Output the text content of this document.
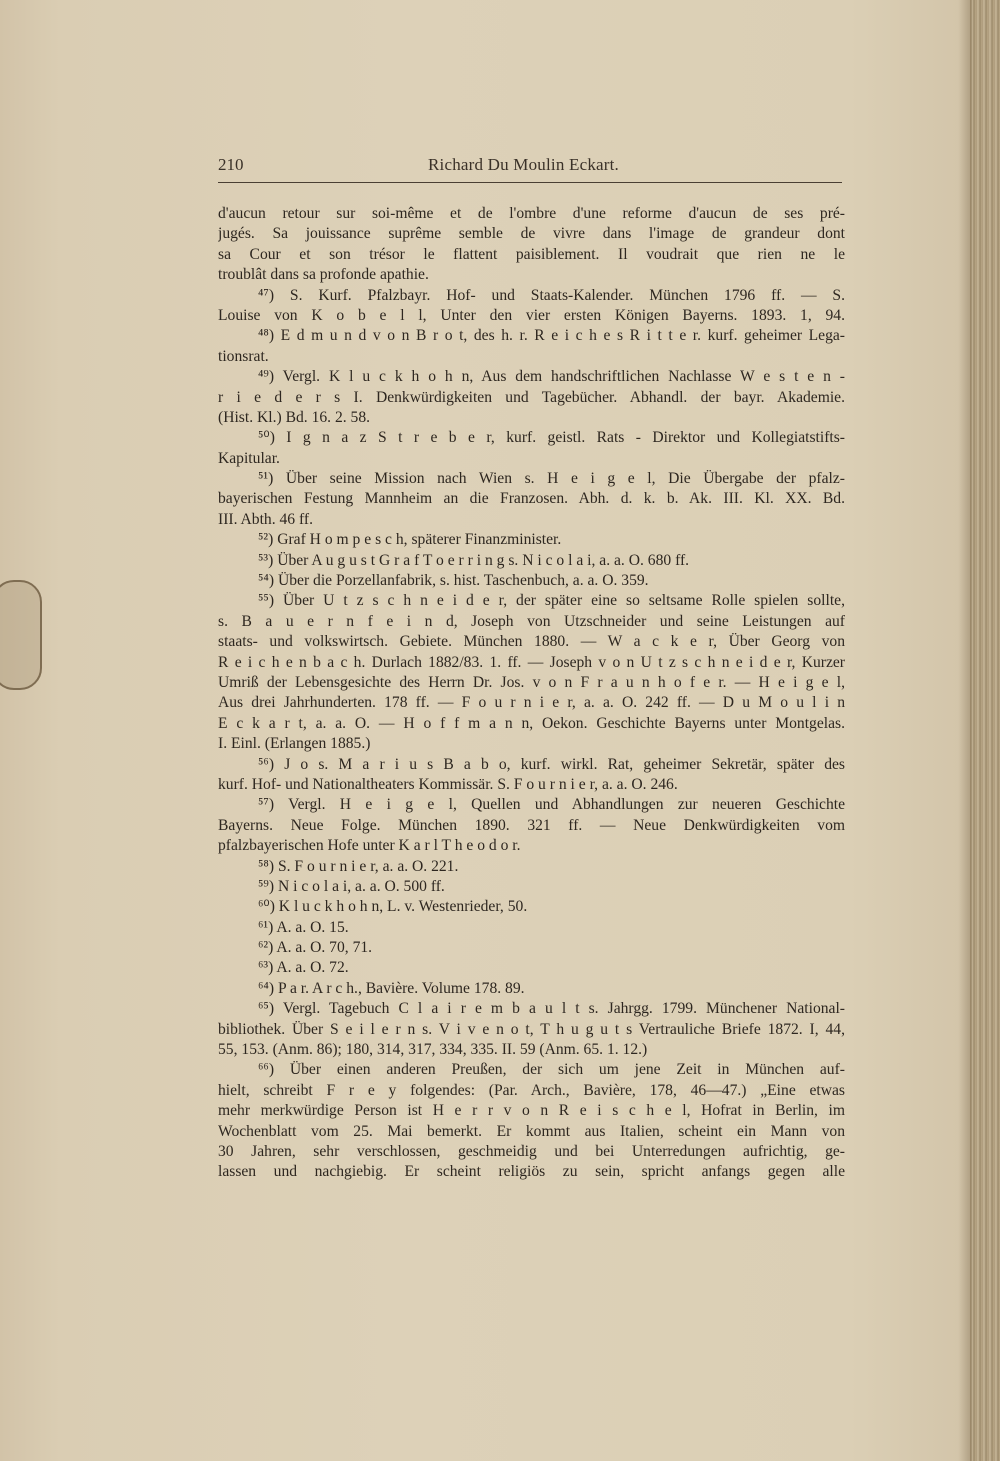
210	Richard Du Moulin Eckart.
d'aucun retour sur soi-même et de l'ombre d'une reforme d'aucun de ses pré-
jugés. Sa jouissance suprême semble de vivre dans l'image de grandeur dont
sa Cour et son trésor le flattent paisiblement. Il voudrait que rien ne le
troublât dans sa profonde apathie.
⁴⁷) S. Kurf. Pfalzbayr. Hof- und Staats-Kalender. München 1796 ff. — S.
Louise von K o b e l l, Unter den vier ersten Königen Bayerns. 1893. 1, 94.
⁴⁸) E d m u n d v o n B r o t, des h. r. R e i c h e s R i t t e r. kurf. geheimer Lega-
tionsrat.
⁴⁹) Vergl. K l u c k h o h n, Aus dem handschriftlichen Nachlasse W e s t e n -
r i e d e r s I. Denkwürdigkeiten und Tagebücher. Abhandl. der bayr. Akademie.
(Hist. Kl.) Bd. 16. 2. 58.
⁵⁰) I g n a z S t r e b e r, kurf. geistl. Rats - Direktor und Kollegiatstifts-
Kapitular.
⁵¹) Über seine Mission nach Wien s. H e i g e l, Die Übergabe der pfalz-
bayerischen Festung Mannheim an die Franzosen. Abh. d. k. b. Ak. III. Kl. XX. Bd.
III. Abth. 46 ff.
⁵²) Graf H o m p e s c h, späterer Finanzminister.
⁵³) Über A u g u s t G r a f T o e r r i n g s. N i c o l a i, a. a. O. 680 ff.
⁵⁴) Über die Porzellanfabrik, s. hist. Taschenbuch, a. a. O. 359.
⁵⁵) Über U t z s c h n e i d e r, der später eine so seltsame Rolle spielen sollte,
s. B a u e r n f e i n d, Joseph von Utzschneider und seine Leistungen auf
staats- und volkswirtsch. Gebiete. München 1880. — W a c k e r, Über Georg von
R e i c h e n b a c h. Durlach 1882/83. 1. ff. — Joseph v o n U t z s c h n e i d e r, Kurzer
Umriß der Lebensgesichte des Herrn Dr. Jos. v o n F r a u n h o f e r. — H e i g e l,
Aus drei Jahrhunderten. 178 ff. — F o u r n i e r, a. a. O. 242 ff. — D u M o u l i n
E c k a r t, a. a. O. — H o f f m a n n, Oekon. Geschichte Bayerns unter Montgelas.
I. Einl. (Erlangen 1885.)
⁵⁶) J o s. M a r i u s B a b o, kurf. wirkl. Rat, geheimer Sekretär, später des
kurf. Hof- und Nationaltheaters Kommissär. S. F o u r n i e r, a. a. O. 246.
⁵⁷) Vergl. H e i g e l, Quellen und Abhandlungen zur neueren Geschichte
Bayerns. Neue Folge. München 1890. 321 ff. — Neue Denkwürdigkeiten vom
pfalzbayerischen Hofe unter K a r l T h e o d o r.
⁵⁸) S. F o u r n i e r, a. a. O. 221.
⁵⁹) N i c o l a i, a. a. O. 500 ff.
⁶⁰) K l u c k h o h n, L. v. Westenrieder, 50.
⁶¹) A. a. O. 15.
⁶²) A. a. O. 70, 71.
⁶³) A. a. O. 72.
⁶⁴) P a r. A r c h., Bavière. Volume 178. 89.
⁶⁵) Vergl. Tagebuch C l a i r e m b a u l t s. Jahrgg. 1799. Münchener National-
bibliothek. Über S e i l e r n s. V i v e n o t, T h u g u t s Vertrauliche Briefe 1872. I, 44,
55, 153. (Anm. 86); 180, 314, 317, 334, 335. II. 59 (Anm. 65. 1. 12.)
⁶⁶) Über einen anderen Preußen, der sich um jene Zeit in München auf-
hielt, schreibt F r e y folgendes: (Par. Arch., Bavière, 178, 46—47.) „Eine etwas
mehr merkwürdige Person ist H e r r v o n R e i s c h e l, Hofrat in Berlin, im
Wochenblatt vom 25. Mai bemerkt. Er kommt aus Italien, scheint ein Mann von
30 Jahren, sehr verschlossen, geschmeidig und bei Unterredungen aufrichtig, ge-
lassen und nachgiebig. Er scheint religiös zu sein, spricht anfangs gegen alle
